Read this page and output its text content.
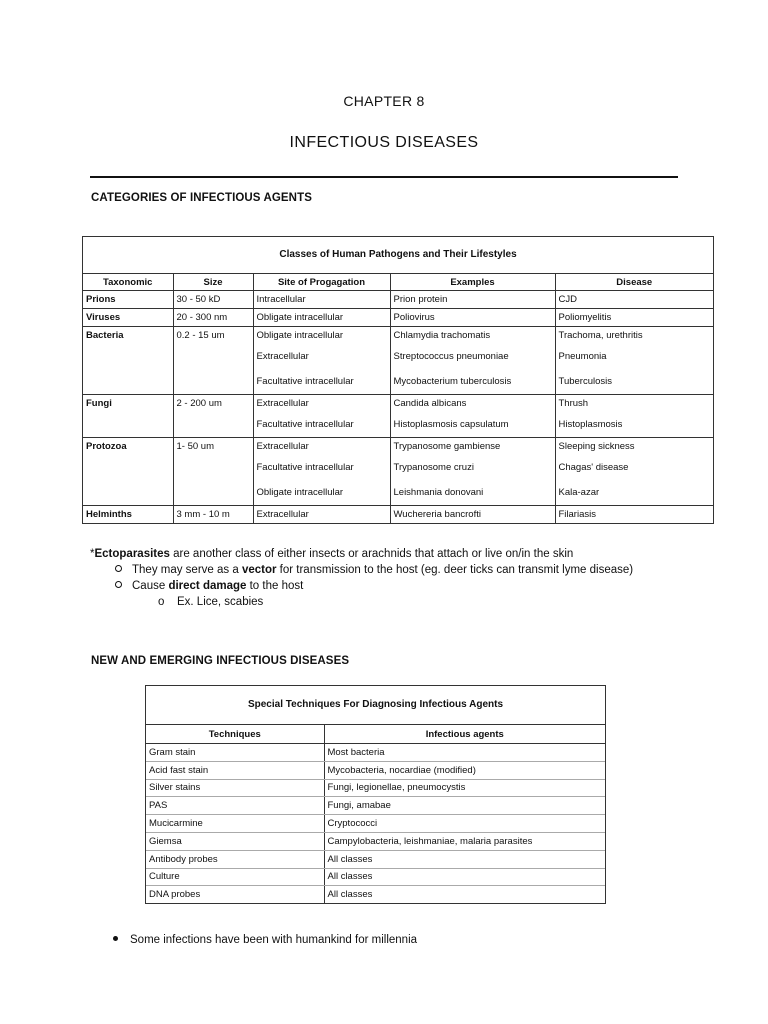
CHAPTER 8
INFECTIOUS DISEASES
CATEGORIES OF INFECTIOUS AGENTS
Classes of Human Pathogens and Their Lifestyles
Taxonomic	Size	Site of Progagation	Examples	Disease
Prions	30 - 50 kD	Intracellular	Prion protein	CJD
Viruses	20 - 300 nm	Obligate intracellular	Poliovirus	Poliomyelitis
Bacteria	0.2 - 15 um	Obligate intracellular	Chlamydia trachomatis	Trachoma, urethritis
		Extracellular	Streptococcus pneumoniae	Pneumonia
		Facultative intracellular	Mycobacterium tuberculosis	Tuberculosis
Fungi	2 - 200 um	Extracellular	Candida albicans	Thrush
		Facultative intracellular	Histoplasmosis capsulatum	Histoplasmosis
Protozoa	1- 50 um	Extracellular	Trypanosome gambiense	Sleeping sickness
		Facultative intracellular	Trypanosome cruzi	Chagas' disease
		Obligate intracellular	Leishmania donovani	Kala-azar
Helminths	3 mm - 10 m	Extracellular	Wuchereria bancrofti	Filariasis
*Ectoparasites are another class of either insects or arachnids that attach or live on/in the skin
They may serve as a vector for transmission to the host (eg. deer ticks can transmit lyme disease)
Cause direct damage to the host
o Ex. Lice, scabies
NEW AND EMERGING INFECTIOUS DISEASES
Special Techniques For Diagnosing Infectious Agents
Techniques	Infectious agents
Gram stain	Most bacteria
Acid fast stain	Mycobacteria, nocardiae (modified)
Silver stains	Fungi, legionellae, pneumocystis
PAS	Fungi, amabae
Mucicarmine	Cryptococci
Giemsa	Campylobacteria, leishmaniae, malaria parasites
Antibody probes	All classes
Culture	All classes
DNA probes	All classes
Some infections have been with humankind for millennia
